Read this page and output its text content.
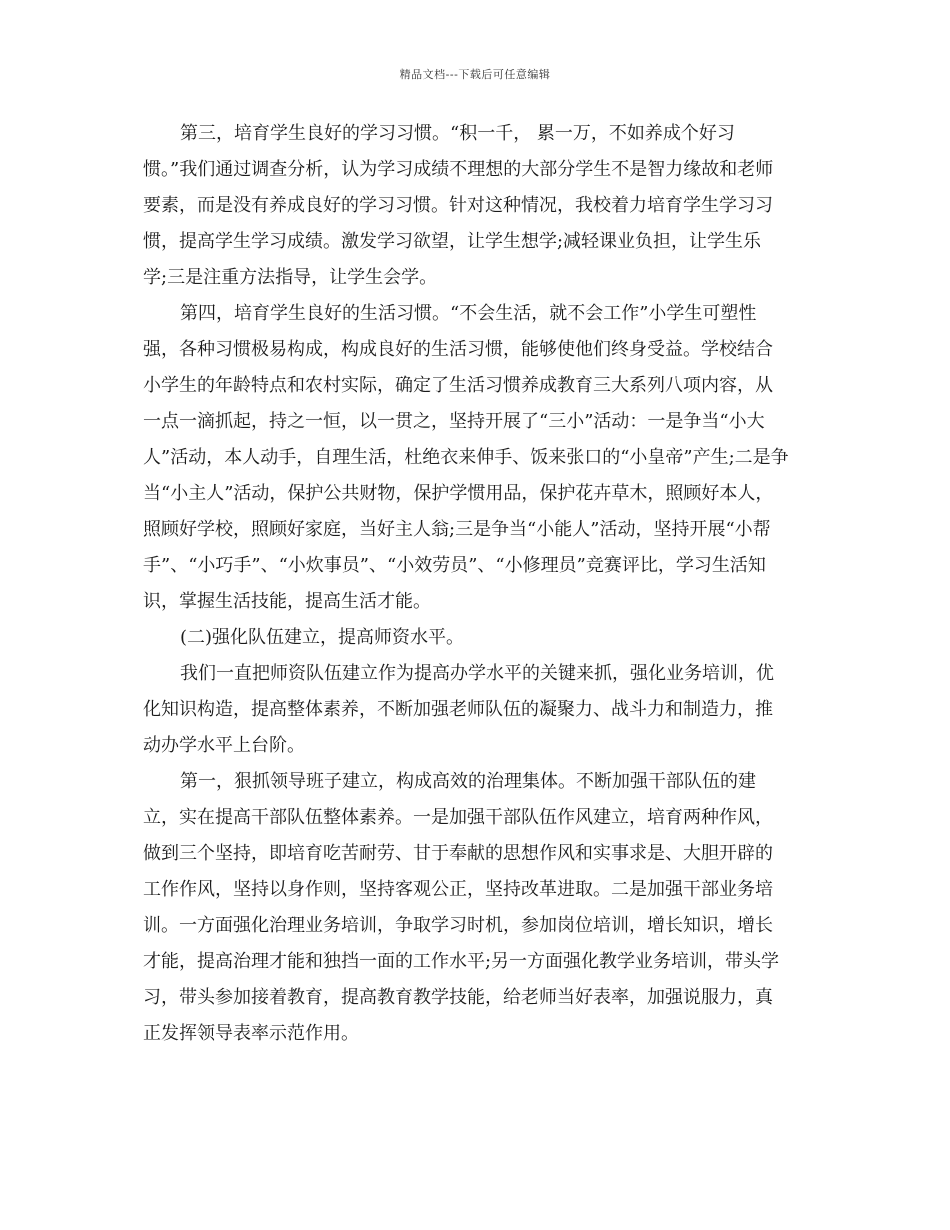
精品文档---下载后可任意编辑
第三，培育学生良好的学习习惯。“积一千， 累一万，不如养成个好习
惯。”我们通过调查分析，认为学习成绩不理想的大部分学生不是智力缘故和老师
要素，而是没有养成良好的学习习惯。针对这种情况，我校着力培育学生学习习
惯，提高学生学习成绩。激发学习欲望，让学生想学;减轻课业负担，让学生乐
学;三是注重方法指导，让学生会学。
第四，培育学生良好的生活习惯。“不会生活，就不会工作”小学生可塑性
强，各种习惯极易构成，构成良好的生活习惯，能够使他们终身受益。学校结合
小学生的年龄特点和农村实际，确定了生活习惯养成教育三大系列八项内容，从
一点一滴抓起，持之一恒，以一贯之，坚持开展了“三小”活动：一是争当“小大
人”活动，本人动手，自理生活，杜绝衣来伸手、饭来张口的“小皇帝”产生;二是争
当“小主人”活动，保护公共财物，保护学惯用品，保护花卉草木，照顾好本人，
照顾好学校，照顾好家庭，当好主人翁;三是争当“小能人”活动，坚持开展“小帮
手”、“小巧手”、“小炊事员”、“小效劳员”、“小修理员”竞赛评比，学习生活知
识，掌握生活技能，提高生活才能。
(二)强化队伍建立，提高师资水平。
我们一直把师资队伍建立作为提高办学水平的关键来抓，强化业务培训，优
化知识构造，提高整体素养，不断加强老师队伍的凝聚力、战斗力和制造力，推
动办学水平上台阶。
第一，狠抓领导班子建立，构成高效的治理集体。不断加强干部队伍的建
立，实在提高干部队伍整体素养。一是加强干部队伍作风建立，培育两种作风，
做到三个坚持，即培育吃苦耐劳、甘于奉献的思想作风和实事求是、大胆开辟的
工作作风，坚持以身作则，坚持客观公正，坚持改革进取。二是加强干部业务培
训。一方面强化治理业务培训，争取学习时机，参加岗位培训，增长知识，增长
才能，提高治理才能和独挡一面的工作水平;另一方面强化教学业务培训，带头学
习，带头参加接着教育，提高教育教学技能，给老师当好表率，加强说服力，真
正发挥领导表率示范作用。
